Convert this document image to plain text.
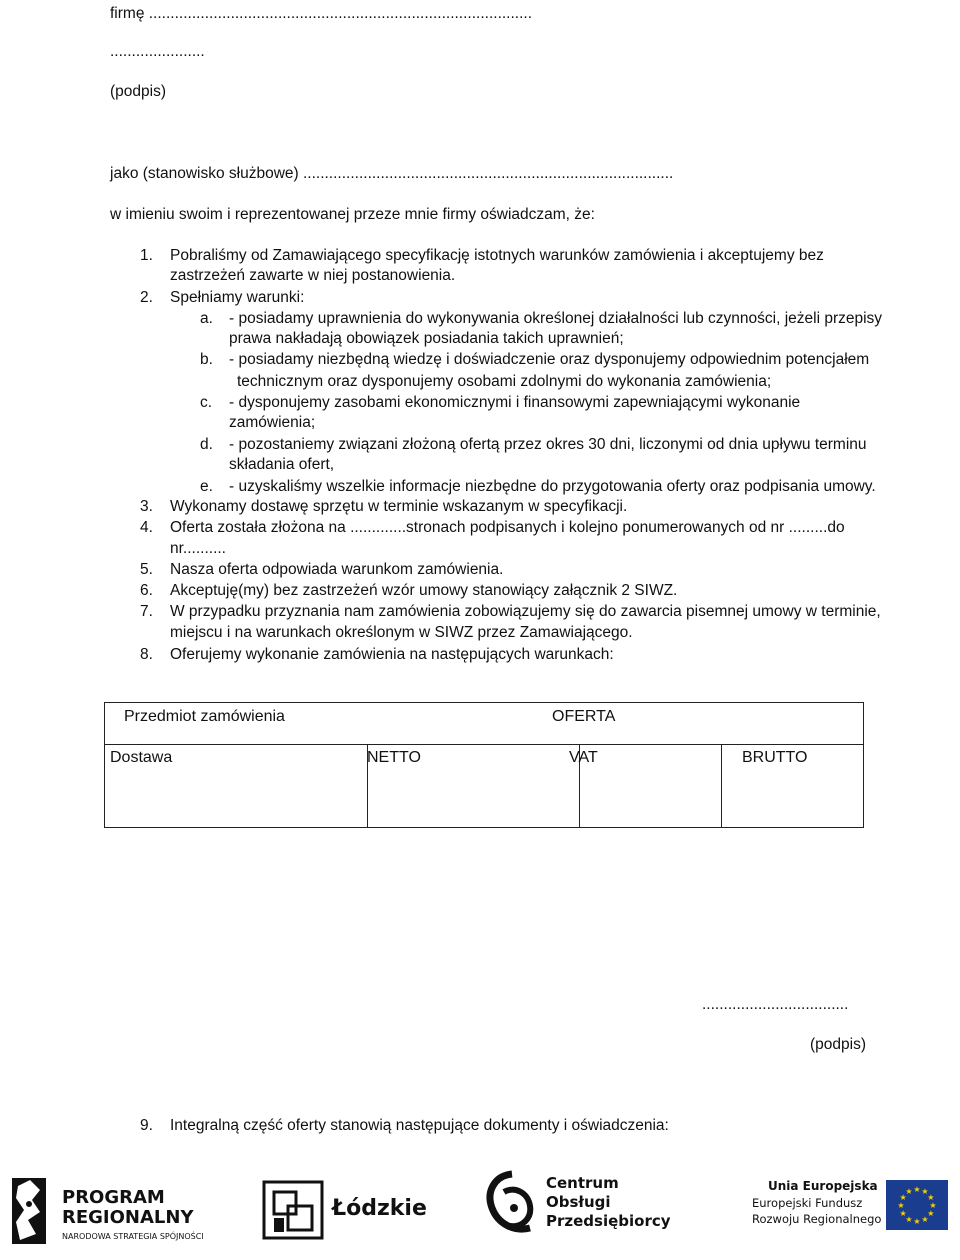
firmę .........................................................................................
......................
(podpis)
jako (stanowisko służbowe) ......................................................................................
w imieniu swoim i reprezentowanej przeze mnie firmy oświadczam, że:
1. Pobraliśmy od Zamawiającego specyfikację istotnych warunków zamówienia i akceptujemy bez
zastrzeżeń zawarte w niej postanowienia.
2. Spełniamy warunki:
a. - posiadamy uprawnienia do wykonywania określonej działalności lub czynności, jeżeli przepisy
prawa nakładają obowiązek posiadania takich uprawnień;
b. - posiadamy niezbędną wiedzę i doświadczenie oraz dysponujemy odpowiednim potencjałem
technicznym oraz dysponujemy osobami zdolnymi do wykonania zamówienia;
c. - dysponujemy zasobami ekonomicznymi i finansowymi zapewniającymi wykonanie
zamówienia;
d. - pozostaniemy związani złożoną ofertą przez okres 30 dni, liczonymi od dnia upływu terminu
składania ofert,
e. - uzyskaliśmy wszelkie informacje niezbędne do przygotowania oferty oraz podpisania umowy.
3. Wykonamy dostawę sprzętu w terminie wskazanym w specyfikacji.
4. Oferta została złożona na .............stronach podpisanych i kolejno ponumerowanych od nr .........do
nr..........
5. Nasza oferta odpowiada warunkom zamówienia.
6. Akceptuję(my) bez zastrzeżeń wzór umowy stanowiący załącznik 2 SIWZ.
7. W przypadku przyznania nam zamówienia zobowiązujemy się do zawarcia pisemnej umowy w terminie,
miejscu i na warunkach określonym w SIWZ przez Zamawiającego.
8. Oferujemy wykonanie zamówienia na następujących warunkach:
Przedmiot zamówienia	OFERTA
Dostawa	NETTO	VAT	BRUTTO
..................................
(podpis)
9. Integralną część oferty stanowią następujące dokumenty i oświadczenia:
PROGRAM
REGIONALNY
NARODOWA STRATEGIA SPÓJNOŚCI
Łódzkie
Centrum
Obsługi
Przedsiębiorcy
Unia Europejska
Europejski Fundusz
Rozwoju Regionalnego
★ ★
★
★
★
★
★
★
★
★
★
★
